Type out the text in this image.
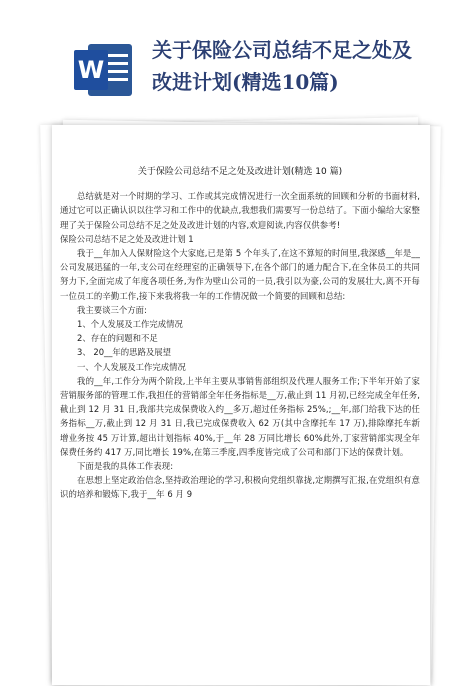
W
关于保险公司总结不足之处及
改进计划(精选10篇)
关于保险公司总结不足之处及改进计划(精选 10 篇)

总结就是对一个时期的学习、工作或其完成情况进行一次全面系统的回顾和分析的书面材料,通过它可以正确认识以往学习和工作中的优缺点,我想我们需要写一份总结了。下面小编给大家整理了关于保险公司总结不足之处及改进计划的内容,欢迎阅读,内容仅供参考!

保险公司总结不足之处及改进计划 1

我于__年加入人保财险这个大家庭,已是第 5 个年头了,在这不算短的时间里,我深感__年是__公司发展迅猛的一年,支公司在经理室的正确领导下,在各个部门的通力配合下,在全体员工的共同努力下,全面完成了年度各项任务,为作为壁山公司的一员,我引以为豪,公司的发展壮大,离不开每一位员工的辛勤工作,接下来我将我一年的工作情况做一个简要的回顾和总结:

我主要谈三个方面:

1、个人发展及工作完成情况

2、存在的问题和不足

3、 20__年的思路及展望

一、个人发展及工作完成情况

我的__年,工作分为两个阶段,上半年主要从事销售部组织及代理人服务工作;下半年开始了家营销服务部的管理工作,我担任的营销部全年任务指标是__万,截止到 11 月初,已经完成全年任务,截止到 12 月 31 日,我部共完成保费收入约__多万,超过任务指标 25%,;__年,部门给我下达的任务指标__万,截止到 12 月 31 日,我已完成保费收入 62 万(其中含摩托车 17 万),排除摩托车新增业务按 45 万计算,超出计划指标 40%,于__年 28 万同比增长 60%此外,丁家营销部实现全年保费任务约 417 万,同比增长 19%,在第三季度,四季度皆完成了公司和部门下达的保费计划。

下面是我的具体工作表现:

在思想上坚定政治信念,坚持政治理论的学习,积极向党组织靠拢,定期撰写汇报,在党组织有意识的培养和锻炼下,我于__年 6 月 9
